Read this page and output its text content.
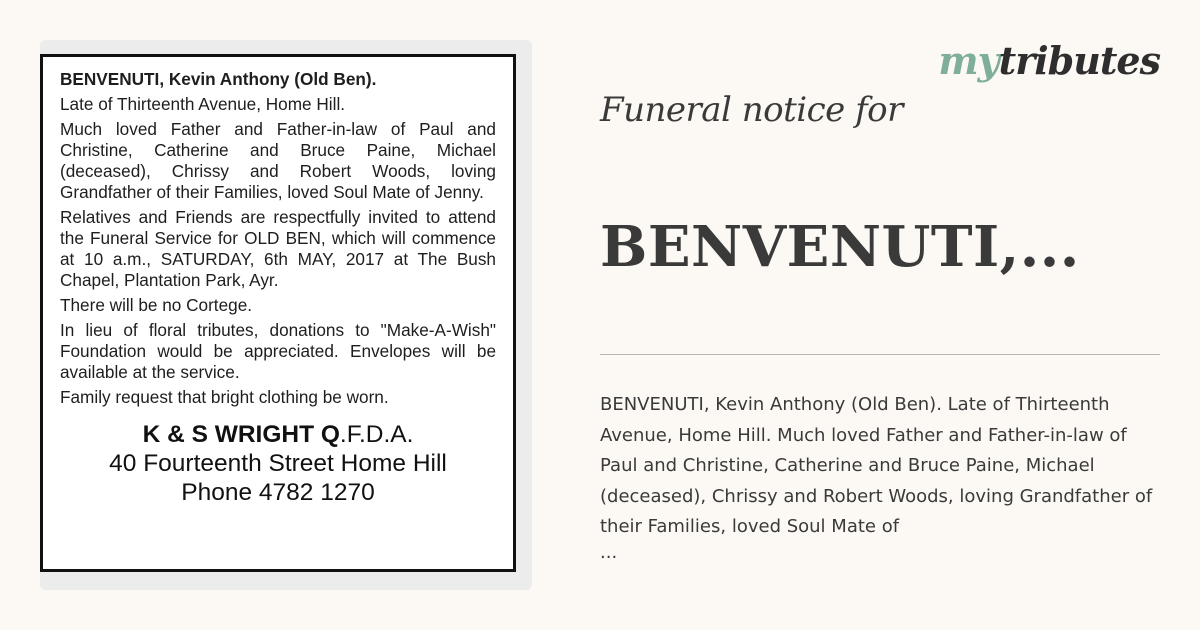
BENVENUTI, Kevin Anthony (Old Ben).

Late of Thirteenth Avenue, Home Hill.

Much loved Father and Father-in-law of Paul and Christine, Catherine and Bruce Paine, Michael (deceased), Chrissy and Robert Woods, loving Grandfather of their Families, loved Soul Mate of Jenny.

Relatives and Friends are respectfully invited to attend the Funeral Service for OLD BEN, which will commence at 10 a.m., SATURDAY, 6th MAY, 2017 at The Bush Chapel, Plantation Park, Ayr.

There will be no Cortege.

In lieu of floral tributes, donations to "Make-A-Wish" Foundation would be appreciated. Envelopes will be available at the service.

Family request that bright clothing be worn.

K & S WRIGHT Q.F.D.A.
40 Fourteenth Street Home Hill
Phone 4782 1270
mytributes
Funeral notice for
BENVENUTI,...
BENVENUTI, Kevin Anthony (Old Ben). Late of Thirteenth Avenue, Home Hill. Much loved Father and Father-in-law of Paul and Christine, Catherine and Bruce Paine, Michael (deceased), Chrissy and Robert Woods, loving Grandfather of their Families, loved Soul Mate of
...
